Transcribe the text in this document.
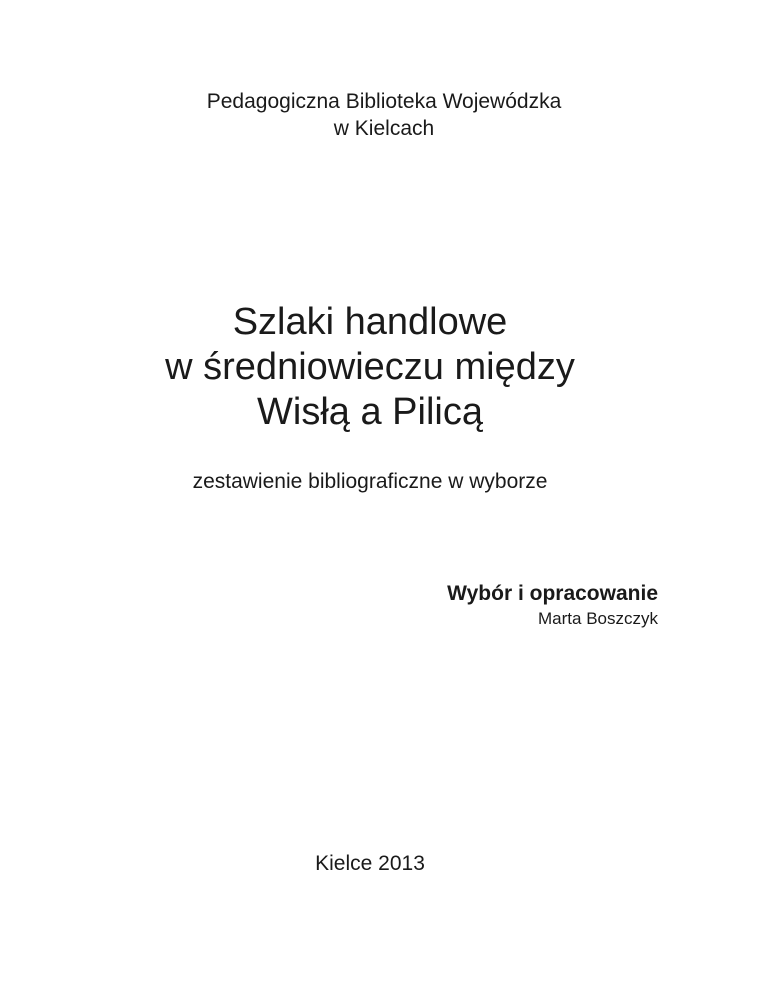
Pedagogiczna Biblioteka Wojewódzka
w Kielcach
Szlaki handlowe
w średniowieczu między
Wisłą a Pilicą
zestawienie bibliograficzne w wyborze
Wybór i opracowanie
Marta Boszczyk
Kielce 2013
